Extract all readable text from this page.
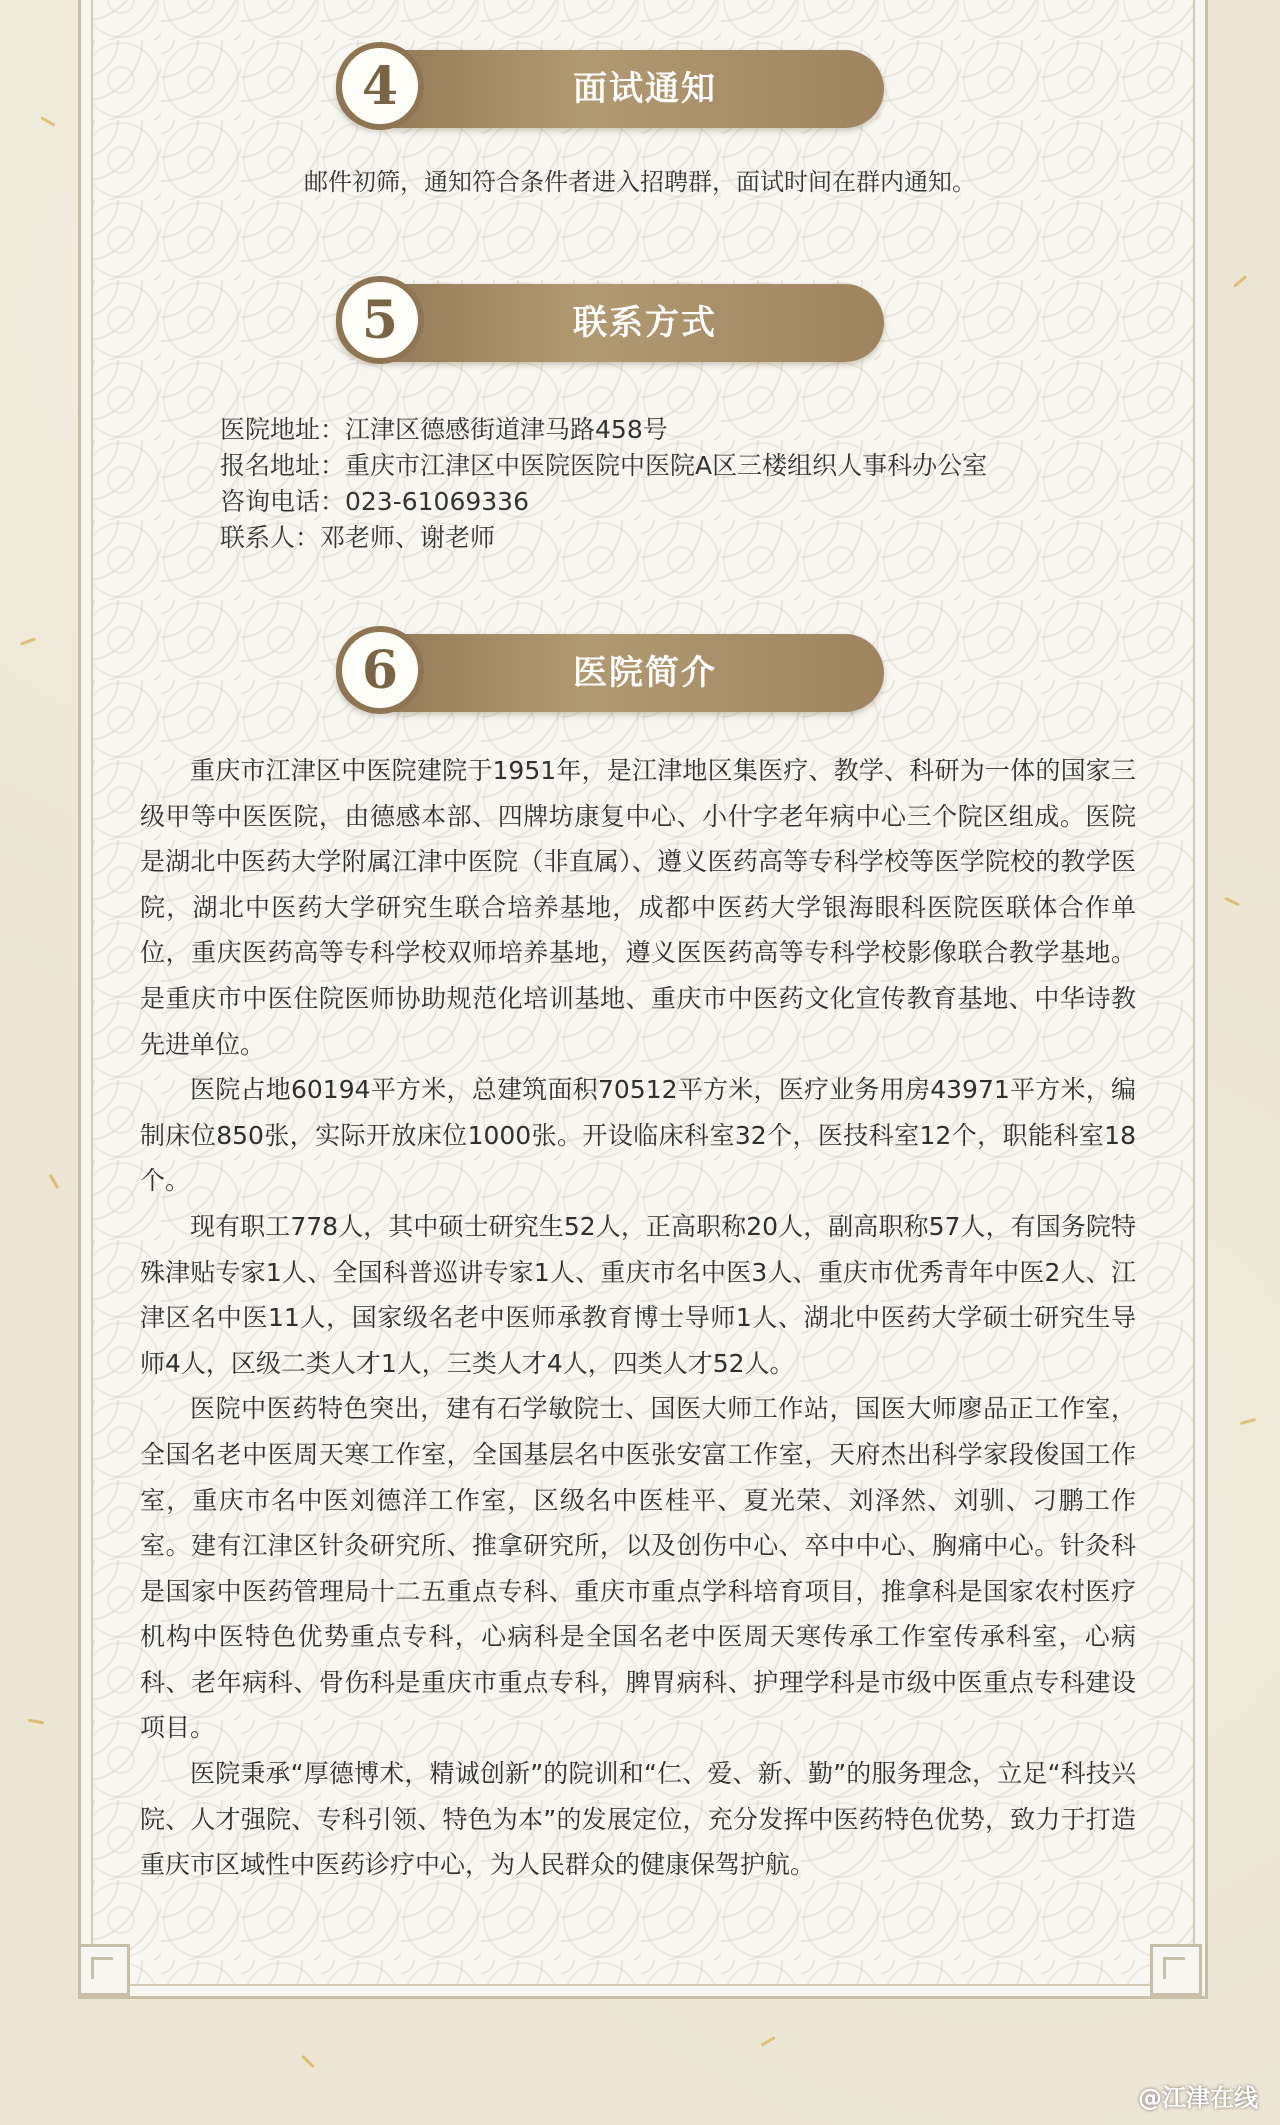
4	面试通知
邮件初筛，通知符合条件者进入招聘群，面试时间在群内通知。
5	联系方式
医院地址：江津区德感街道津马路458号
报名地址：重庆市江津区中医院医院中医院A区三楼组织人事科办公室
咨询电话：023-61069336
联系人：邓老师、谢老师
6	医院简介

重庆市江津区中医院建院于1951年，是江津地区集医疗、教学、科研为一体的国家三级甲等中医医院，由德感本部、四牌坊康复中心、小什字老年病中心三个院区组成。医院是湖北中医药大学附属江津中医院（非直属）、遵义医药高等专科学校等医学院校的教学医院，湖北中医药大学研究生联合培养基地，成都中医药大学银海眼科医院医联体合作单位，重庆医药高等专科学校双师培养基地，遵义医医药高等专科学校影像联合教学基地。是重庆市中医住院医师协助规范化培训基地、重庆市中医药文化宣传教育基地、中华诗教先进单位。

医院占地60194平方米，总建筑面积70512平方米，医疗业务用房43971平方米，编制床位850张，实际开放床位1000张。开设临床科室32个，医技科室12个，职能科室18个。

现有职工778人，其中硕士研究生52人，正高职称20人，副高职称57人，有国务院特殊津贴专家1人、全国科普巡讲专家1人、重庆市名中医3人、重庆市优秀青年中医2人、江津区名中医11人，国家级名老中医师承教育博士导师1人、湖北中医药大学硕士研究生导师4人，区级二类人才1人，三类人才4人，四类人才52人。

医院中医药特色突出，建有石学敏院士、国医大师工作站，国医大师廖品正工作室，全国名老中医周天寒工作室，全国基层名中医张安富工作室，天府杰出科学家段俊国工作室，重庆市名中医刘德洋工作室，区级名中医桂平、夏光荣、刘泽然、刘驯、刁鹏工作室。建有江津区针灸研究所、推拿研究所，以及创伤中心、卒中中心、胸痛中心。针灸科是国家中医药管理局十二五重点专科、重庆市重点学科培育项目，推拿科是国家农村医疗机构中医特色优势重点专科，心病科是全国名老中医周天寒传承工作室传承科室，心病科、老年病科、骨伤科是重庆市重点专科，脾胃病科、护理学科是市级中医重点专科建设项目。

医院秉承“厚德博术，精诚创新”的院训和“仁、爱、新、勤”的服务理念，立足“科技兴院、人才强院、专科引领、特色为本”的发展定位，充分发挥中医药特色优势，致力于打造重庆市区域性中医药诊疗中心，为人民群众的健康保驾护航。

@江津在线
